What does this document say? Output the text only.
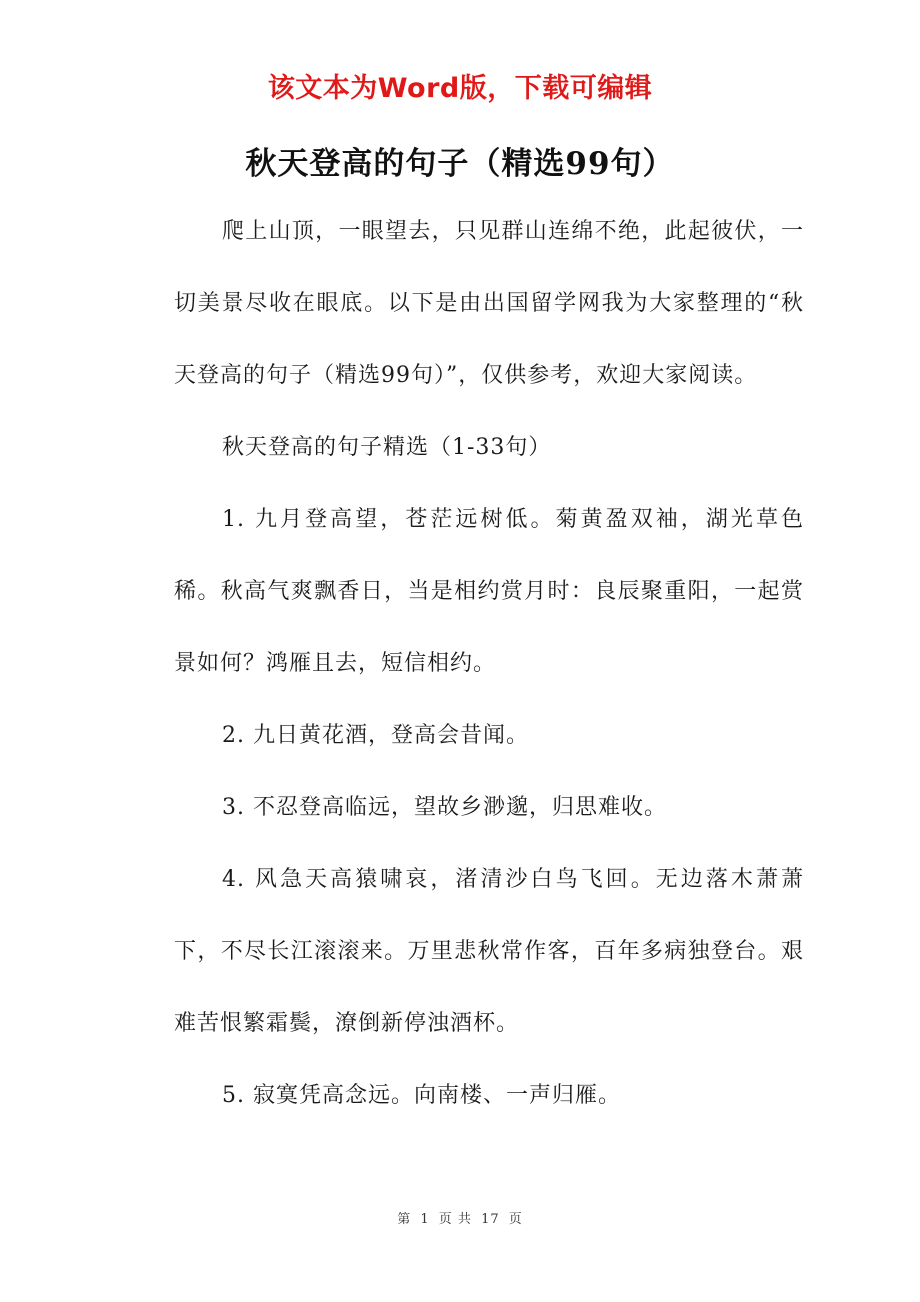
该文本为Word版，下载可编辑
秋天登高的句子（精选99句）

爬上山顶，一眼望去，只见群山连绵不绝，此起彼伏，一切美景尽收在眼底。以下是由出国留学网我为大家整理的“秋天登高的句子（精选99句）”，仅供参考，欢迎大家阅读。

秋天登高的句子精选（1-33句）

1. 九月登高望，苍茫远树低。菊黄盈双袖，湖光草色稀。秋高气爽飘香日，当是相约赏月时：良辰聚重阳，一起赏景如何？鸿雁且去，短信相约。

2. 九日黄花酒，登高会昔闻。

3. 不忍登高临远，望故乡渺邈，归思难收。

4. 风急天高猿啸哀，渚清沙白鸟飞回。无边落木萧萧下，不尽长江滚滚来。万里悲秋常作客，百年多病独登台。艰难苦恨繁霜鬓，潦倒新停浊酒杯。

5. 寂寞凭高念远。向南楼、一声归雁。

第 1 页 共 17 页
